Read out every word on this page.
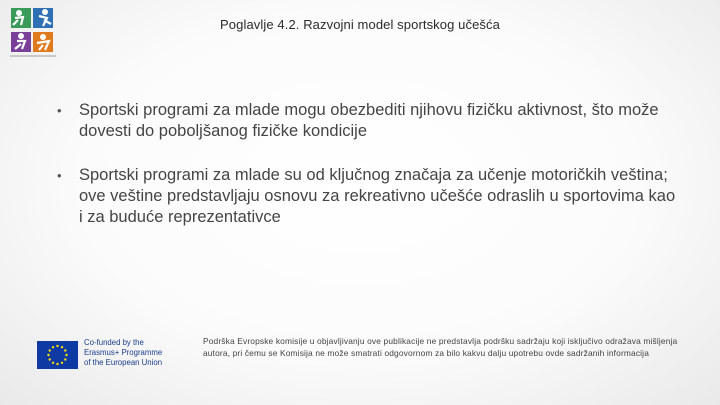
Poglavlje 4.2. Razvojni model sportskog učešća
•	Sportski programi za mlade mogu obezbediti njihovu fizičku aktivnost, što može dovesti do poboljšanog fizičke kondicije
•	Sportski programi za mlade su od ključnog značaja za učenje motoričkih veština; ove veštine predstavljaju osnovu za rekreativno učešće odraslih u sportovima kao i za buduće reprezentativce
Co-funded by the
Erasmus+ Programme
of the European Union
Podrška Evropske komisije u objavljivanju ove publikacije ne predstavlja podršku sadržaju koji isključivo odražava mišljenja autora, pri čemu se Komisija ne može smatrati odgovornom za bilo kakvu dalju upotrebu ovde sadržanih informacija
